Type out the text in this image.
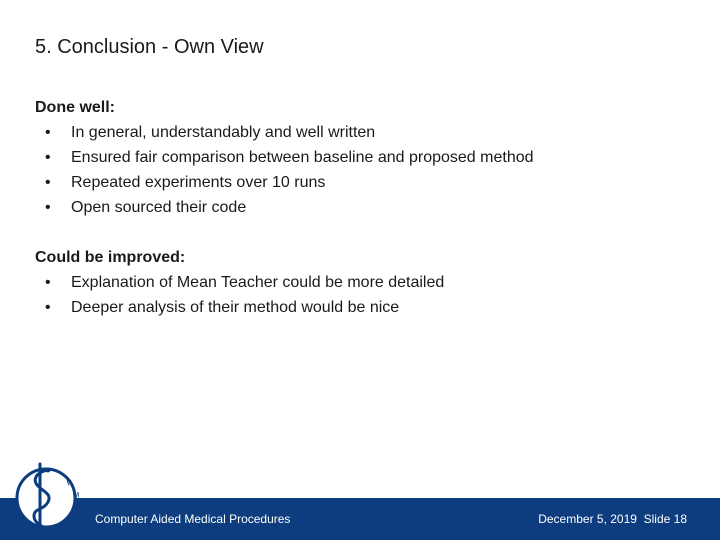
5. Conclusion - Own View
Done well:
• In general, understandably and well written
• Ensured fair comparison between baseline and proposed method
• Repeated experiments over 10 runs
• Open sourced their code
Could be improved:
• Explanation of Mean Teacher could be more detailed
• Deeper analysis of their method would be nice
P
M
A
C Computer Aided Medical Procedures	December 5, 2019 Slide 18
